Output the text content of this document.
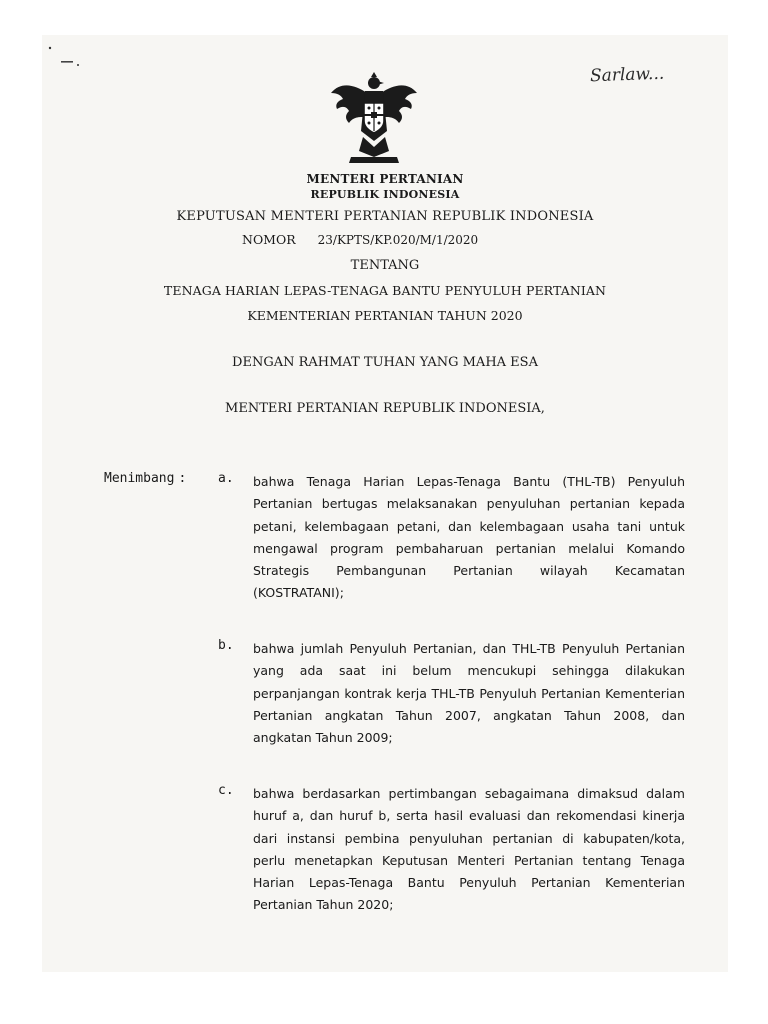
Sarlaw...
MENTERI PERTANIAN
REPUBLIK INDONESIA
KEPUTUSAN MENTERI PERTANIAN REPUBLIK INDONESIA
NOMOR 23/KPTS/KP.020/M/1/2020
TENTANG
TENAGA HARIAN LEPAS-TENAGA BANTU PENYULUH PERTANIAN
KEMENTERIAN PERTANIAN TAHUN 2020
DENGAN RAHMAT TUHAN YANG MAHA ESA
MENTERI PERTANIAN REPUBLIK INDONESIA,
Menimbang : a. bahwa Tenaga Harian Lepas-Tenaga Bantu (THL-TB) Penyuluh Pertanian bertugas melaksanakan penyuluhan pertanian kepada petani, kelembagaan petani, dan kelembagaan usaha tani untuk mengawal program pembaharuan pertanian melalui Komando Strategis Pembangunan Pertanian wilayah Kecamatan (KOSTRATANI);
b. bahwa jumlah Penyuluh Pertanian, dan THL-TB Penyuluh Pertanian yang ada saat ini belum mencukupi sehingga dilakukan perpanjangan kontrak kerja THL-TB Penyuluh Pertanian Kementerian Pertanian angkatan Tahun 2007, angkatan Tahun 2008, dan angkatan Tahun 2009;
c. bahwa berdasarkan pertimbangan sebagaimana dimaksud dalam huruf a, dan huruf b, serta hasil evaluasi dan rekomendasi kinerja dari instansi pembina penyuluhan pertanian di kabupaten/kota, perlu menetapkan Keputusan Menteri Pertanian tentang Tenaga Harian Lepas-Tenaga Bantu Penyuluh Pertanian Kementerian Pertanian Tahun 2020;
